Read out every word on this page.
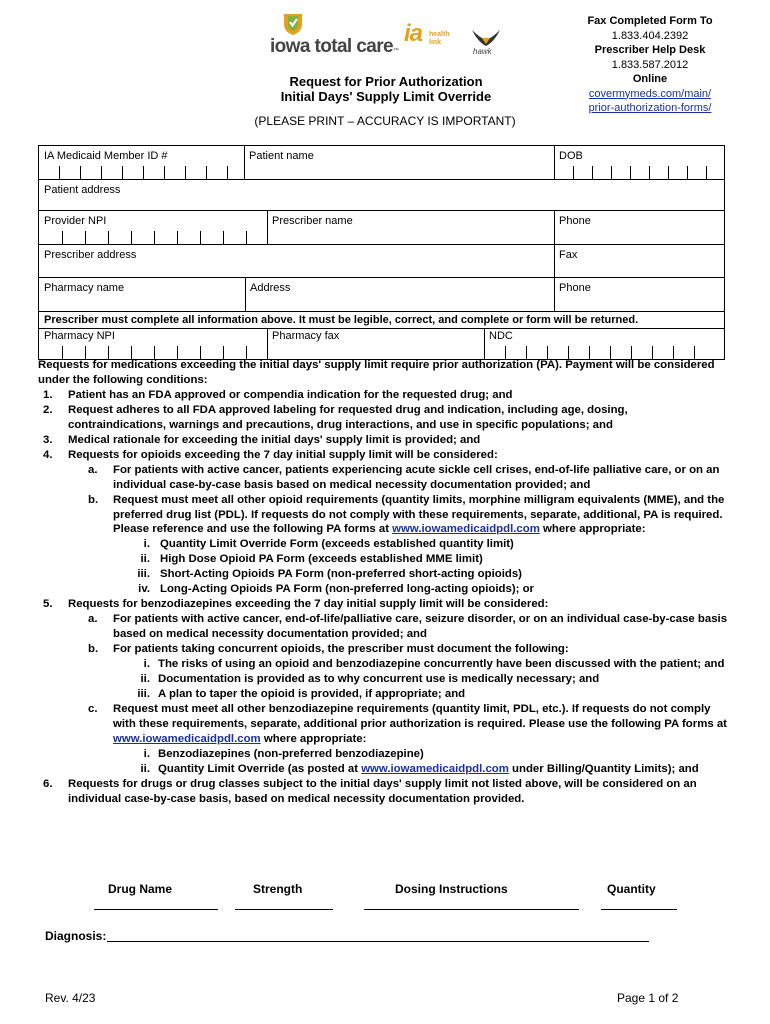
iowa total care™
ia health
link
hawk
Fax Completed Form To
1.833.404.2392
Prescriber Help Desk
1.833.587.2012
Online
covermymeds.com/main/
prior-authorization-forms/
Request for Prior Authorization
Initial Days' Supply Limit Override
(PLEASE PRINT – ACCURACY IS IMPORTANT)
IA Medicaid Member ID #	Patient name	DOB
Patient address
Provider NPI	Prescriber name	Phone
Prescriber address	Fax
Pharmacy name	Address	Phone
Prescriber must complete all information above. It must be legible, correct, and complete or form will be returned.
Pharmacy NPI	Pharmacy fax	NDC

Requests for medications exceeding the initial days' supply limit require prior authorization (PA). Payment will be considered under the following conditions:

1.	Patient has an FDA approved or compendia indication for the requested drug; and
2.	Request adheres to all FDA approved labeling for requested drug and indication, including age, dosing, contraindications, warnings and precautions, drug interactions, and use in specific populations; and
3.	Medical rationale for exceeding the initial days' supply limit is provided; and
4.	Requests for opioids exceeding the 7 day initial supply limit will be considered:
a.	For patients with active cancer, patients experiencing acute sickle cell crises, end-of-life palliative care, or on an individual case-by-case basis based on medical necessity documentation provided; and
b.	Request must meet all other opioid requirements (quantity limits, morphine milligram equivalents (MME), and the preferred drug list (PDL). If requests do not comply with these requirements, separate, additional, PA is required. Please reference and use the following PA forms at www.iowamedicaidpdl.com where appropriate:
i. Quantity Limit Override Form (exceeds established quantity limit)
ii. High Dose Opioid PA Form (exceeds established MME limit)
iii. Short-Acting Opioids PA Form (non-preferred short-acting opioids)
iv. Long-Acting Opioids PA Form (non-preferred long-acting opioids); or
5.	Requests for benzodiazepines exceeding the 7 day initial supply limit will be considered:
a.	For patients with active cancer, end-of-life/palliative care, seizure disorder, or on an individual case-by-case basis based on medical necessity documentation provided; and
b.	For patients taking concurrent opioids, the prescriber must document the following:
i. The risks of using an opioid and benzodiazepine concurrently have been discussed with the patient; and
ii. Documentation is provided as to why concurrent use is medically necessary; and
iii. A plan to taper the opioid is provided, if appropriate; and
c.	Request must meet all other benzodiazepine requirements (quantity limit, PDL, etc.). If requests do not comply with these requirements, separate, additional prior authorization is required. Please use the following PA forms at www.iowamedicaidpdl.com where appropriate:
i. Benzodiazepines (non-preferred benzodiazepine)
ii. Quantity Limit Override (as posted at www.iowamedicaidpdl.com under Billing/Quantity Limits); and
6.	Requests for drugs or drug classes subject to the initial days' supply limit not listed above, will be considered on an individual case-by-case basis, based on medical necessity documentation provided.
Drug Name	Strength	Dosing Instructions	Quantity
Diagnosis:
Rev. 4/23	Page 1 of 2
